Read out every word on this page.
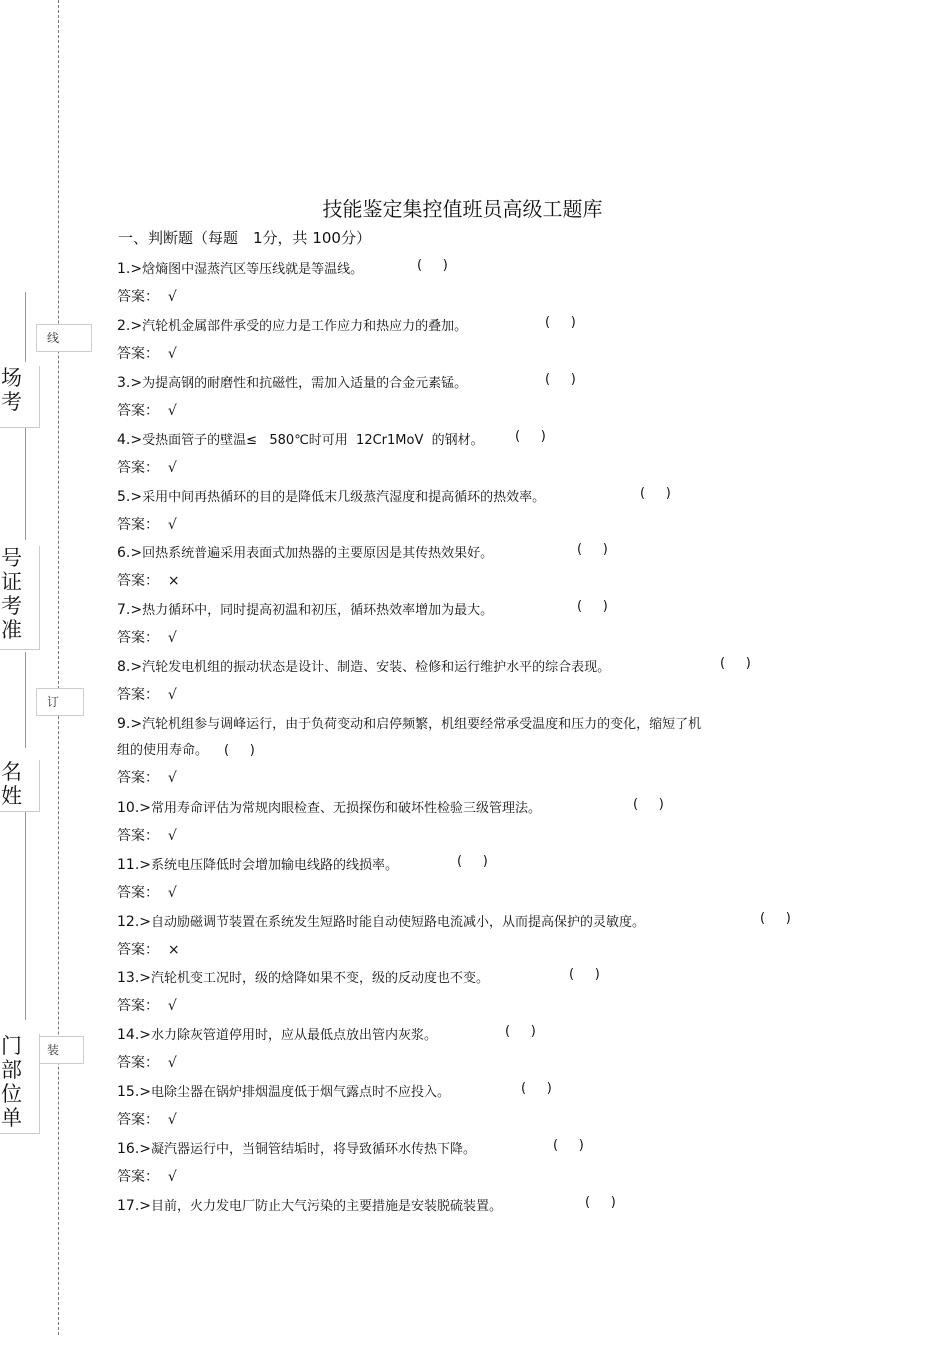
线
订
装
场
考
号
证
考
准
名
姓
门
部
位
单
技能鉴定集控值班员高级工题库
一、判断题（每题　1分，共 100分）
1.>焓熵图中湿蒸汽区等压线就是等温线。	(     )
答案：  √
2.>汽轮机金属部件承受的应力是工作应力和热应力的叠加。	(     )
答案：  √
3.>为提高钢的耐磨性和抗磁性，需加入适量的合金元素锰。	(     )
答案：  √
4.>受热面管子的壁温≤   580℃时可用  12Cr1MoV  的钢材。 (     )
答案：  √
5.>采用中间再热循环的目的是降低末几级蒸汽湿度和提高循环的热效率。	(     )
答案：  √
6.>回热系统普遍采用表面式加热器的主要原因是其传热效果好。	(     )
答案：  ×
7.>热力循环中，同时提高初温和初压，循环热效率增加为最大。	(     )
答案：  √
8.>汽轮发电机组的振动状态是设计、制造、安装、检修和运行维护水平的综合表现。	(     )
答案：  √
9.>汽轮机组参与调峰运行，由于负荷变动和启停频繁，机组要经常承受温度和压力的变化，缩短了机
组的使用寿命。 (     )
答案：  √
10.>常用寿命评估为常规肉眼检查、无损探伤和破坏性检验三级管理法。	(     )
答案：  √
11.>系统电压降低时会增加输电线路的线损率。	(     )
答案：  √
12.>自动励磁调节装置在系统发生短路时能自动使短路电流减小，从而提高保护的灵敏度。	(     )
答案：  ×
13.>汽轮机变工况时，级的焓降如果不变，级的反动度也不变。	(     )
答案：  √
14.>水力除灰管道停用时，应从最低点放出管内灰浆。	(     )
答案：  √
15.>电除尘器在锅炉排烟温度低于烟气露点时不应投入。	(     )
答案：  √
16.>凝汽器运行中，当铜管结垢时，将导致循环水传热下降。	(     )
答案：  √
17.>目前，火力发电厂防止大气污染的主要措施是安装脱硫装置。	(     )
